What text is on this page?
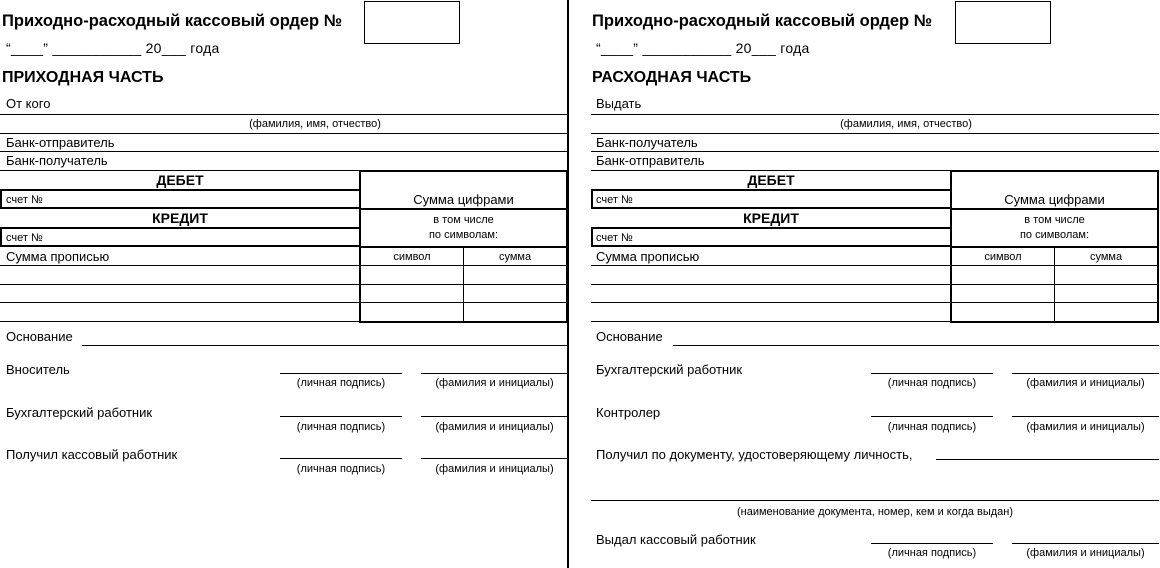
Приходно-расходный кассовый ордер №
“____” ___________ 20___ года
ПРИХОДНАЯ ЧАСТЬ
От кого
(фамилия, имя, отчество)
Банк-отправитель
Банк-получатель
ДЕБЕТ
счет №
КРЕДИТ
счет №
Сумма цифрами
в том числе
по символам:
символ	сумма
Сумма прописью
Основание
Вноситель
(личная подпись)	(фамилия и инициалы)
Бухгалтерский работник
(личная подпись)	(фамилия и инициалы)
Получил кассовый работник
(личная подпись)	(фамилия и инициалы)
Приходно-расходный кассовый ордер №
“____” ___________ 20___ года
РАСХОДНАЯ ЧАСТЬ
Выдать
(фамилия, имя, отчество)
Банк-получатель
Банк-отправитель
ДЕБЕТ
счет №
КРЕДИТ
счет №
Сумма цифрами
в том числе
по символам:
символ	сумма
Сумма прописью
Основание
Бухгалтерский работник
(личная подпись)	(фамилия и инициалы)
Контролер
(личная подпись)	(фамилия и инициалы)
Получил по документу, удостоверяющему личность,
(наименование документа, номер, кем и когда выдан)
Выдал кассовый работник
(личная подпись)	(фамилия и инициалы)
